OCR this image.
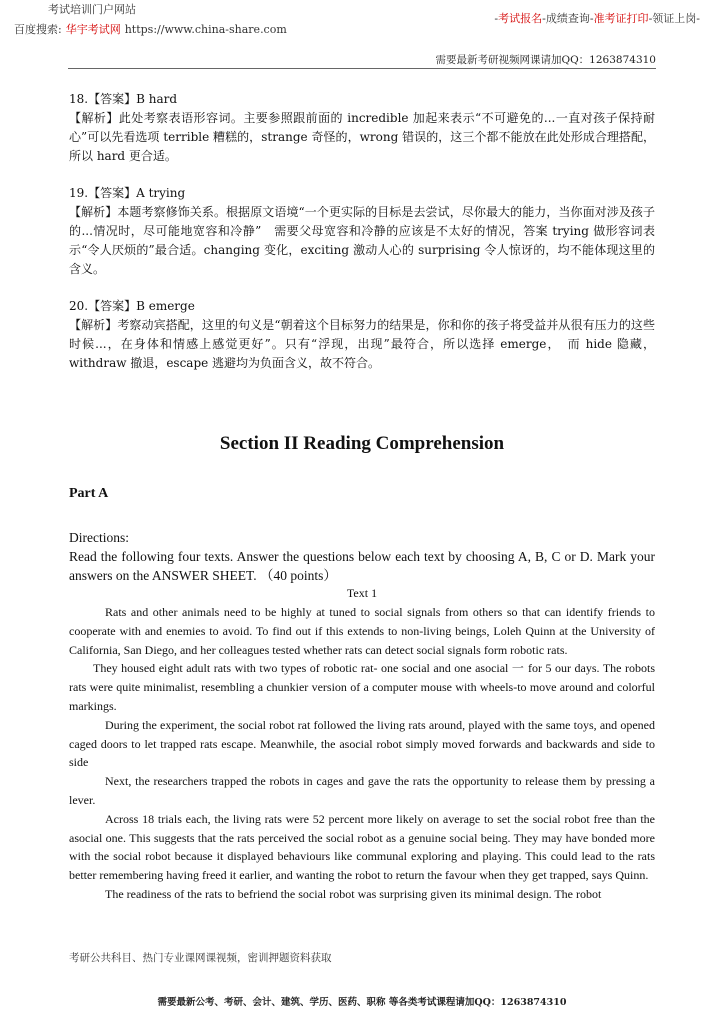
考试培训门户网站
百度搜索: 华宇考试网 https://www.china-share.com
-考试报名-成绩查询-准考证打印-领证上岗-
需要最新考研视频网课请加QQ：1263874310

18.【答案】B hard

【解析】此处考察表语形容词。主要参照跟前面的 incredible 加起来表示“不可避免的...一直对孩子保持耐心”可以先看选项 terrible 糟糕的，strange 奇怪的，wrong 错误的，这三个都不能放在此处形成合理搭配，所以 hard 更合适。

19.【答案】A trying

【解析】本题考察修饰关系。根据原文语境“一个更实际的目标是去尝试，尽你最大的能力，当你面对涉及孩子的...情况时，尽可能地宽容和冷静”　需要父母宽容和冷静的应该是不太好的情况，答案 trying 做形容词表示“令人厌烦的”最合适。changing 变化，exciting 激动人心的 surprising 令人惊讶的，均不能体现这里的含义。

20.【答案】B emerge

【解析】考察动宾搭配，这里的句义是“朝着这个目标努力的结果是，你和你的孩子将受益并从很有压力的这些时候...，在身体和情感上感觉更好”。只有“浮现，出现”最符合，所以选择 emerge，　而 hide 隐藏，withdraw 撤退，escape 逃避均为负面含义，故不符合。

Section II Reading Comprehension
Part A

Directions:

Read the following four texts. Answer the questions below each text by choosing A, B, C or D. Mark your answers on the ANSWER SHEET. （40 points）

Text 1

Rats and other animals need to be highly at tuned to social signals from others so that can identify friends to cooperate with and enemies to avoid. To find out if this extends to non-living beings, Loleh Quinn at the University of California, San Diego, and her colleagues tested whether rats can detect social signals form robotic rats.

They housed eight adult rats with two types of robotic rat- one social and one asocial 一 for 5 our days. The robots rats were quite minimalist, resembling a chunkier version of a computer mouse with wheels-to move around and colorful markings.

During the experiment, the social robot rat followed the living rats around, played with the same toys, and opened caged doors to let trapped rats escape. Meanwhile, the asocial robot simply moved forwards and backwards and side to side

Next, the researchers trapped the robots in cages and gave the rats the opportunity to release them by pressing a lever.

Across 18 trials each, the living rats were 52 percent more likely on average to set the social robot free than the asocial one. This suggests that the rats perceived the social robot as a genuine social being. They may have bonded more with the social robot because it displayed behaviours like communal exploring and playing. This could lead to the rats better remembering having freed it earlier, and wanting the robot to return the favour when they get trapped, says Quinn.

The readiness of the rats to befriend the social robot was surprising given its minimal design. The robot

考研公共科目、热门专业课网课视频，密训押题资料获取
需要最新公考、考研、会计、建筑、学历、医药、职称 等各类考试课程请加QQ：1263874310
